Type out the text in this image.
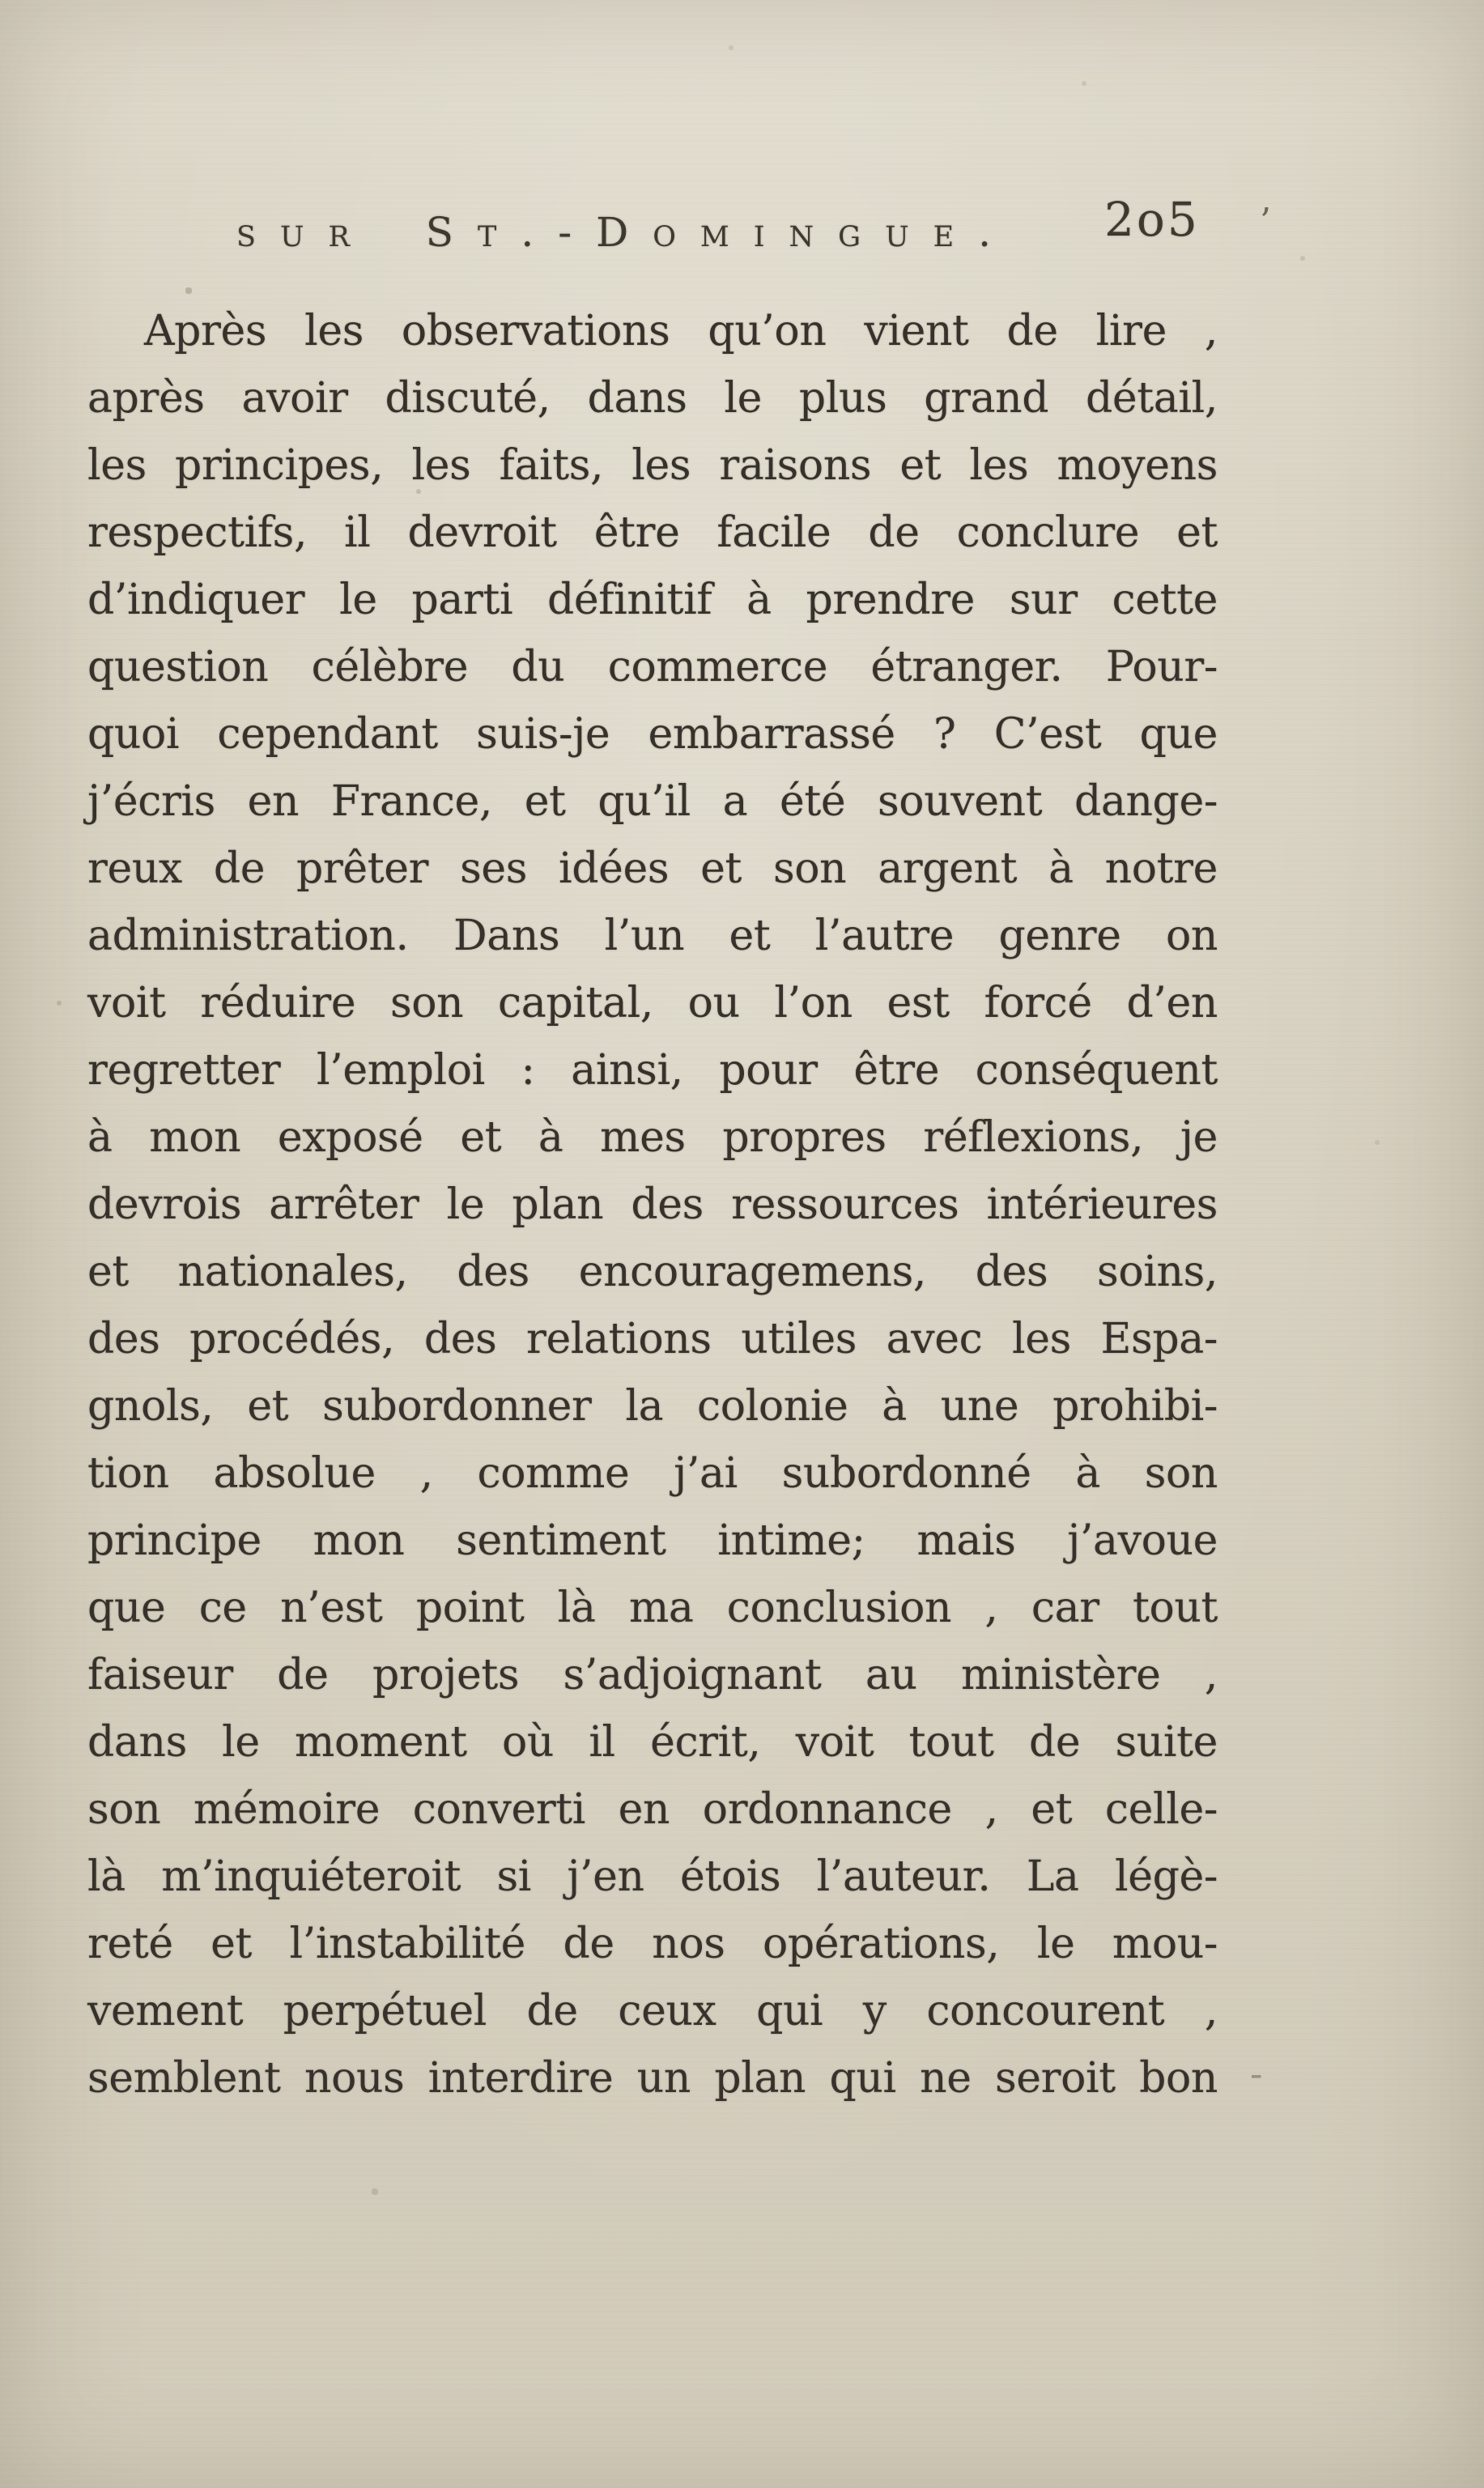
sur St.-Domingue. 2o5 ’
Après les observations qu’on vient de lire ,
après avoir discuté, dans le plus grand détail,
les principes, les faits, les raisons et les moyens
respectifs, il devroit être facile de conclure et
d’indiquer le parti définitif à prendre sur cette
question célèbre du commerce étranger. Pour-
quoi cependant suis-je embarrassé ? C’est que
j’écris en France, et qu’il a été souvent dange-
reux de prêter ses idées et son argent à notre
administration. Dans l’un et l’autre genre on
voit réduire son capital, ou l’on est forcé d’en
regretter l’emploi : ainsi, pour être conséquent
à mon exposé et à mes propres réflexions, je
devrois arrêter le plan des ressources intérieures
et nationales, des encouragemens, des soins,
des procédés, des relations utiles avec les Espa-
gnols, et subordonner la colonie à une prohibi-
tion absolue , comme j’ai subordonné à son
principe mon sentiment intime; mais j’avoue
que ce n’est point là ma conclusion , car tout
faiseur de projets s’adjoignant au ministère ,
dans le moment où il écrit, voit tout de suite
son mémoire converti en ordonnance , et celle-
là m’inquiéteroit si j’en étois l’auteur. La légè-
reté et l’instabilité de nos opérations, le mou-
vement perpétuel de ceux qui y concourent ,
semblent nous interdire un plan qui ne seroit bon -
